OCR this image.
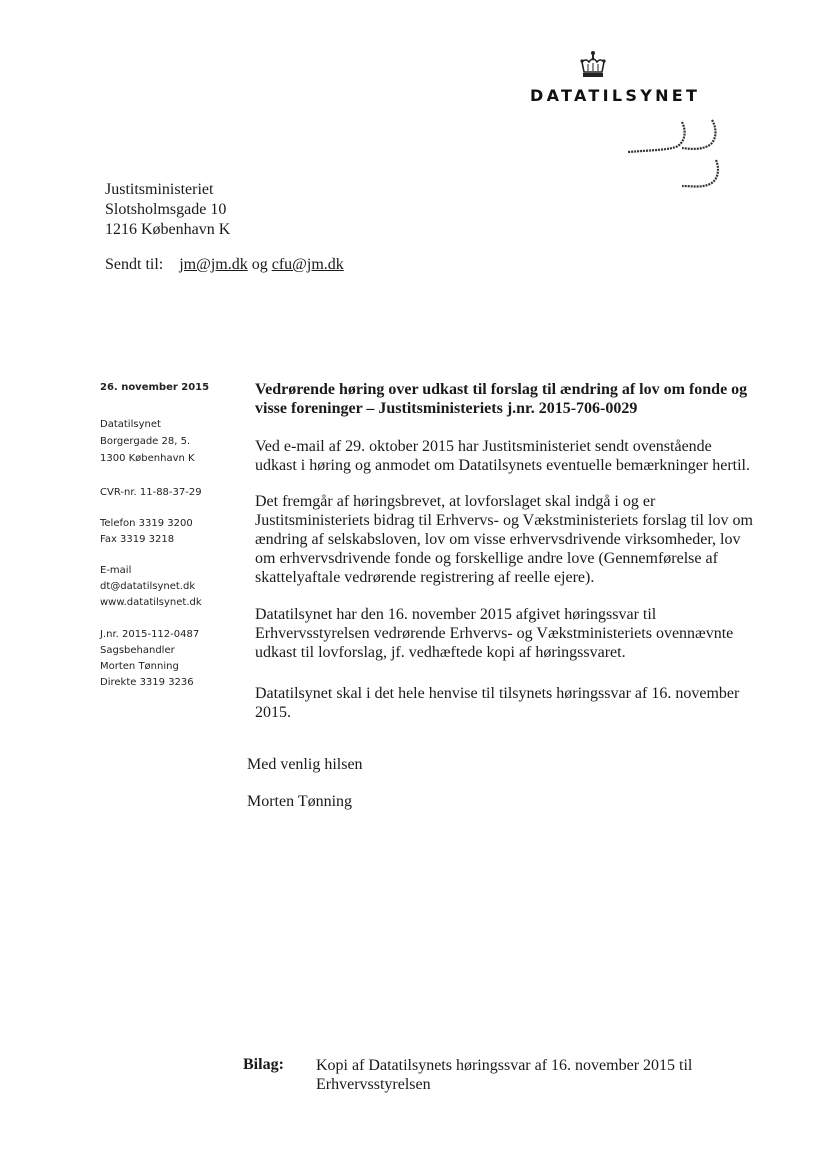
DATATILSYNET
Justitsministeriet
Slotsholmsgade 10
1216 København K
Sendt til: jm@jm.dk og cfu@jm.dk
26. november 2015
Datatilsynet
Borgergade 28, 5.
1300 København K
CVR-nr. 11-88-37-29
Telefon 3319 3200
Fax 3319 3218
E-mail
dt@datatilsynet.dk
www.datatilsynet.dk
J.nr. 2015-112-0487
Sagsbehandler
Morten Tønning
Direkte 3319 3236
Vedrørende høring over udkast til forslag til ændring af lov om fonde og visse foreninger – Justitsministeriets j.nr. 2015-706-0029

Ved e-mail af 29. oktober 2015 har Justitsministeriet sendt ovenstående udkast i høring og anmodet om Datatilsynets eventuelle bemærkninger hertil.

Det fremgår af høringsbrevet, at lovforslaget skal indgå i og er Justitsministeriets bidrag til Erhvervs- og Vækstministeriets forslag til lov om ændring af selskabsloven, lov om visse erhvervsdrivende virksomheder, lov om erhvervsdrivende fonde og forskellige andre love (Gennemførelse af skattelyaftale vedrørende registrering af reelle ejere).

Datatilsynet har den 16. november 2015 afgivet høringssvar til Erhvervsstyrelsen vedrørende Erhvervs- og Vækstministeriets ovennævnte udkast til lovforslag, jf. vedhæftede kopi af høringssvaret.

Datatilsynet skal i det hele henvise til tilsynets høringssvar af 16. november 2015.

Med venlig hilsen
Morten Tønning
Bilag: Kopi af Datatilsynets høringssvar af 16. november 2015 til Erhvervsstyrelsen
